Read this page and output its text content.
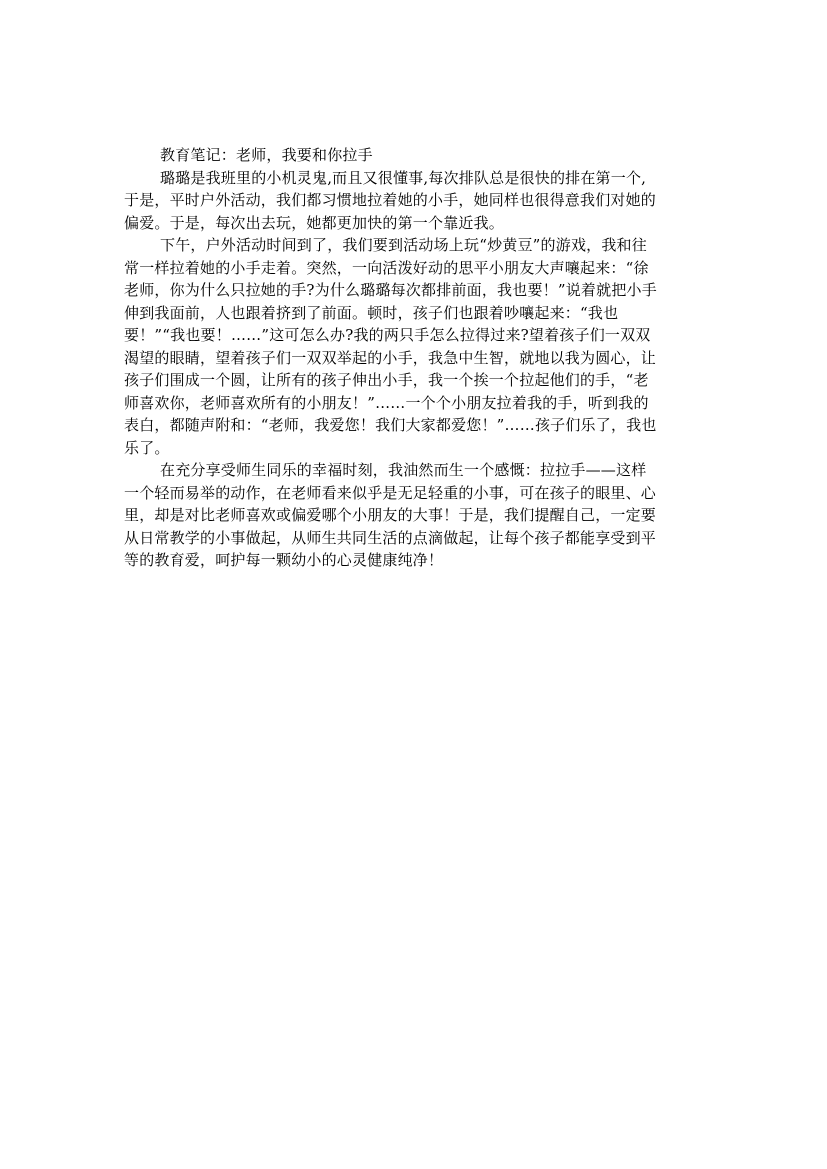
教育笔记：老师，我要和你拉手
璐璐是我班里的小机灵鬼,而且又很懂事,每次排队总是很快的排在第一个,
于是，平时户外活动，我们都习惯地拉着她的小手，她同样也很得意我们对她的
偏爱。于是，每次出去玩，她都更加快的第一个靠近我。
下午，户外活动时间到了，我们要到活动场上玩“炒黄豆”的游戏，我和往
常一样拉着她的小手走着。突然，一向活泼好动的思平小朋友大声嚷起来：“徐
老师，你为什么只拉她的手?为什么璐璐每次都排前面，我也要！”说着就把小手
伸到我面前，人也跟着挤到了前面。顿时，孩子们也跟着吵嚷起来：“我也
要！”“我也要！……”这可怎么办?我的两只手怎么拉得过来?望着孩子们一双双
渴望的眼睛，望着孩子们一双双举起的小手，我急中生智，就地以我为圆心，让
孩子们围成一个圆，让所有的孩子伸出小手，我一个挨一个拉起他们的手，“老
师喜欢你，老师喜欢所有的小朋友！”……一个个小朋友拉着我的手，听到我的
表白，都随声附和：“老师，我爱您！我们大家都爱您！”……孩子们乐了，我也
乐了。
在充分享受师生同乐的幸福时刻，我油然而生一个感慨：拉拉手——这样
一个轻而易举的动作，在老师看来似乎是无足轻重的小事，可在孩子的眼里、心
里，却是对比老师喜欢或偏爱哪个小朋友的大事！于是，我们提醒自己，一定要
从日常教学的小事做起，从师生共同生活的点滴做起，让每个孩子都能享受到平
等的教育爱，呵护每一颗幼小的心灵健康纯净！
